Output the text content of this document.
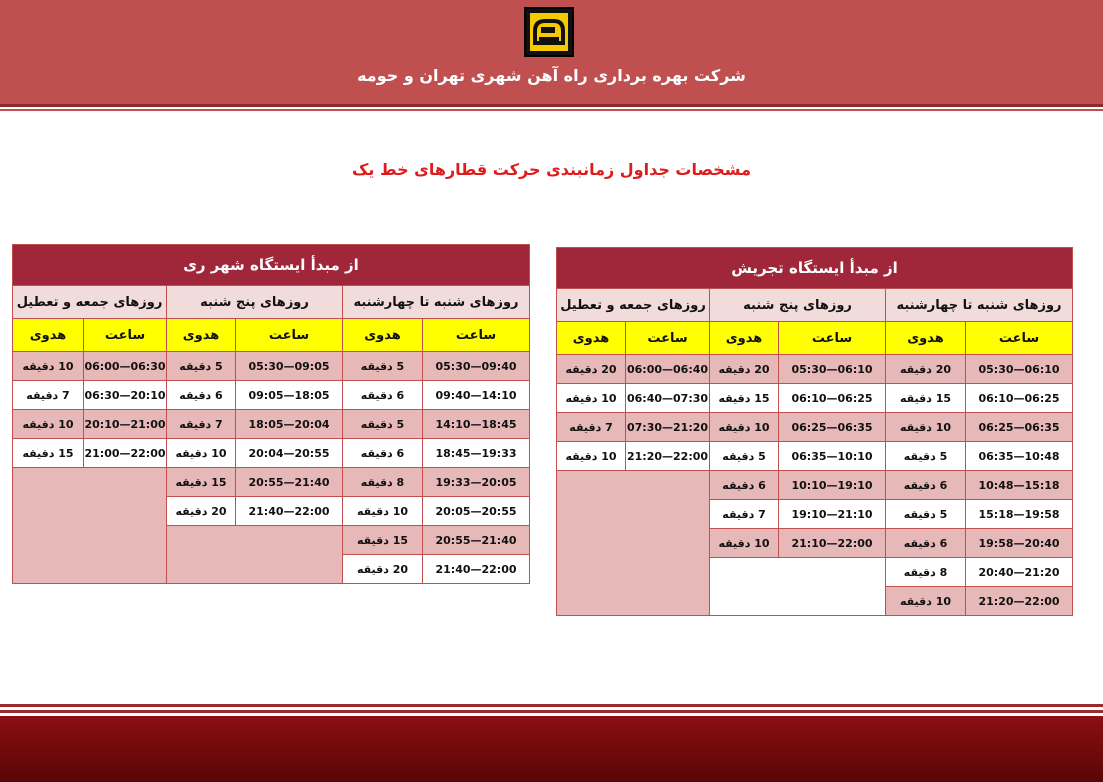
شرکت بهره برداری راه آهن شهری تهران و حومه
مشخصات جداول زمانبندی حرکت قطارهای خط یک
از مبدأ ایستگاه تجریش					
روزهای شنبه تا چهارشنبه		روزهای پنج شنبه		روزهای جمعه و تعطیل	
ساعت	هدوی	ساعت	هدوی	ساعت	هدوی
05:30—06:10	20 دقیقه	05:30—06:10	20 دقیقه	06:00—06:40	20 دقیقه
06:10—06:25	15 دقیقه	06:10—06:25	15 دقیقه	06:40—07:30	10 دقیقه
06:25—06:35	10 دقیقه	06:25—06:35	10 دقیقه	07:30—21:20	7 دقیقه
06:35—10:48	5 دقیقه	06:35—10:10	5 دقیقه	21:20—22:00	10 دقیقه
10:48—15:18	6 دقیقه	10:10—19:10	6 دقیقه		
15:18—19:58	5 دقیقه	19:10—21:10	7 دقیقه		
19:58—20:40	6 دقیقه	21:10—22:00	10 دقیقه		
20:40—21:20	8 دقیقه				
21:20—22:00	10 دقیقه				
از مبدأ ایستگاه شهر ری					
روزهای شنبه تا چهارشنبه		روزهای پنج شنبه		روزهای جمعه و تعطیل	
ساعت	هدوی	ساعت	هدوی	ساعت	هدوی
05:30—09:40	5 دقیقه	05:30—09:05	5 دقیقه	06:00—06:30	10 دقیقه
09:40—14:10	6 دقیقه	09:05—18:05	6 دقیقه	06:30—20:10	7 دقیقه
14:10—18:45	5 دقیقه	18:05—20:04	7 دقیقه	20:10—21:00	10 دقیقه
18:45—19:33	6 دقیقه	20:04—20:55	10 دقیقه	21:00—22:00	15 دقیقه
19:33—20:05	8 دقیقه	20:55—21:40	15 دقیقه		
20:05—20:55	10 دقیقه	21:40—22:00	20 دقیقه		
20:55—21:40	15 دقیقه				
21:40—22:00	20 دقیقه				
